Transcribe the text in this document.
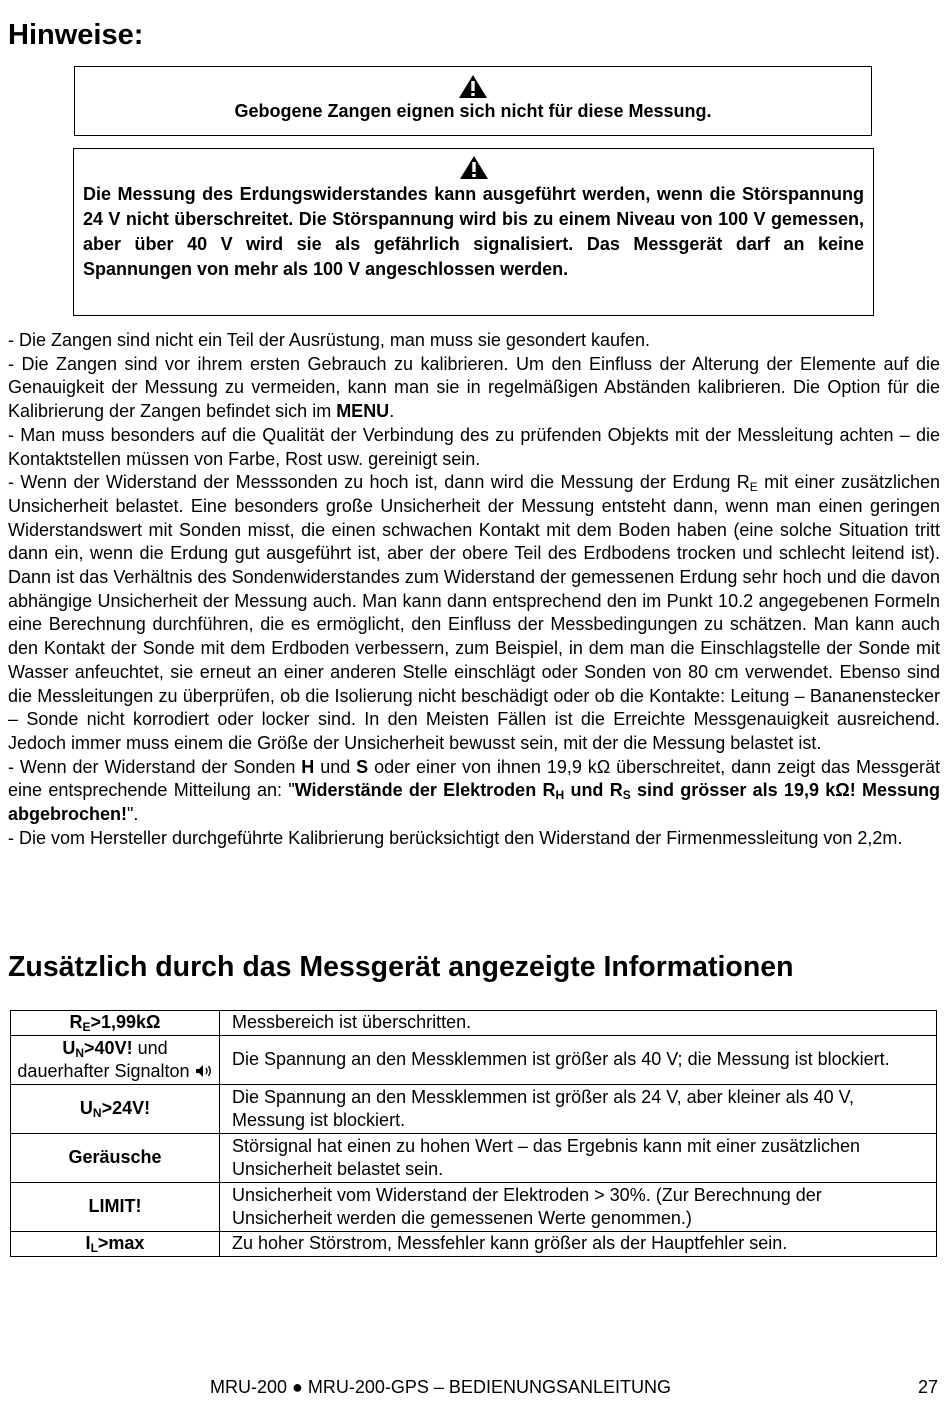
Hinweise:

Gebogene Zangen eignen sich nicht für diese Messung.

Die Messung des Erdungswiderstandes kann ausgeführt werden, wenn die Störspannung 24 V nicht überschreitet. Die Störspannung wird bis zu einem Niveau von 100 V gemessen, aber über 40 V wird sie als gefährlich signalisiert. Das Messgerät darf an keine Spannungen von mehr als 100 V angeschlossen werden.

- Die Zangen sind nicht ein Teil der Ausrüstung, man muss sie gesondert kaufen.

- Die Zangen sind vor ihrem ersten Gebrauch zu kalibrieren. Um den Einfluss der Alterung der Elemente auf die Genauigkeit der Messung zu vermeiden, kann man sie in regelmäßigen Abständen kalibrieren. Die Option für die Kalibrierung der Zangen befindet sich im MENU.

- Man muss besonders auf die Qualität der Verbindung des zu prüfenden Objekts mit der Messleitung achten – die Kontaktstellen müssen von Farbe, Rost usw. gereinigt sein.

- Wenn der Widerstand der Messsonden zu hoch ist, dann wird die Messung der Erdung $R_E$ mit einer zusätzlichen Unsicherheit belastet. Eine besonders große Unsicherheit der Messung entsteht dann, wenn man einen geringen Widerstandswert mit Sonden misst, die einen schwachen Kontakt mit dem Boden haben (eine solche Situation tritt dann ein, wenn die Erdung gut ausgeführt ist, aber der obere Teil des Erdbodens trocken und schlecht leitend ist). Dann ist das Verhältnis des Sondenwiderstandes zum Widerstand der gemessenen Erdung sehr hoch und die davon abhängige Unsicherheit der Messung auch. Man kann dann entsprechend den im Punkt 10.2 angegebenen Formeln eine Berechnung durchführen, die es ermöglicht, den Einfluss der Messbedingungen zu schätzen. Man kann auch den Kontakt der Sonde mit dem Erdboden verbessern, zum Beispiel, in dem man die Einschlagstelle der Sonde mit Wasser anfeuchtet, sie erneut an einer anderen Stelle einschlägt oder Sonden von 80 cm verwendet. Ebenso sind die Messleitungen zu überprüfen, ob die Isolierung nicht beschädigt oder ob die Kontakte: Leitung – Bananenstecker – Sonde nicht korrodiert oder locker sind. In den Meisten Fällen ist die Erreichte Messgenauigkeit ausreichend. Jedoch immer muss einem die Größe der Unsicherheit bewusst sein, mit der die Messung belastet ist.

- Wenn der Widerstand der Sonden H und S oder einer von ihnen 19,9 kΩ überschreitet, dann zeigt das Messgerät eine entsprechende Mitteilung an: "Widerstände der Elektroden $R_H$ und $R_S$ sind grösser als 19,9 kΩ! Messung abgebrochen!".

- Die vom Hersteller durchgeführte Kalibrierung berücksichtigt den Widerstand der Firmenmessleitung von 2,2m.

Zusätzlich durch das Messgerät angezeigte Informationen
$R_E>1,99k\Omega$	Messbereich ist überschritten.
$U_N>40V$! und dauerhafter Signalton	Die Spannung an den Messklemmen ist größer als 40 V; die Messung ist blockiert.
$U_N>24V$!	Die Spannung an den Messklemmen ist größer als 24 V, aber kleiner als 40 V, Messung ist blockiert.
Geräusche	Störsignal hat einen zu hohen Wert – das Ergebnis kann mit einer zusätzlichen Unsicherheit belastet sein.
LIMIT!	Unsicherheit vom Widerstand der Elektroden > 30%. (Zur Berechnung der Unsicherheit werden die gemessenen Werte genommen.)
$I_L>\max$	Zu hoher Störstrom, Messfehler kann größer als der Hauptfehler sein.
MRU-200 ● MRU-200-GPS – BEDIENUNGSANLEITUNG	27
